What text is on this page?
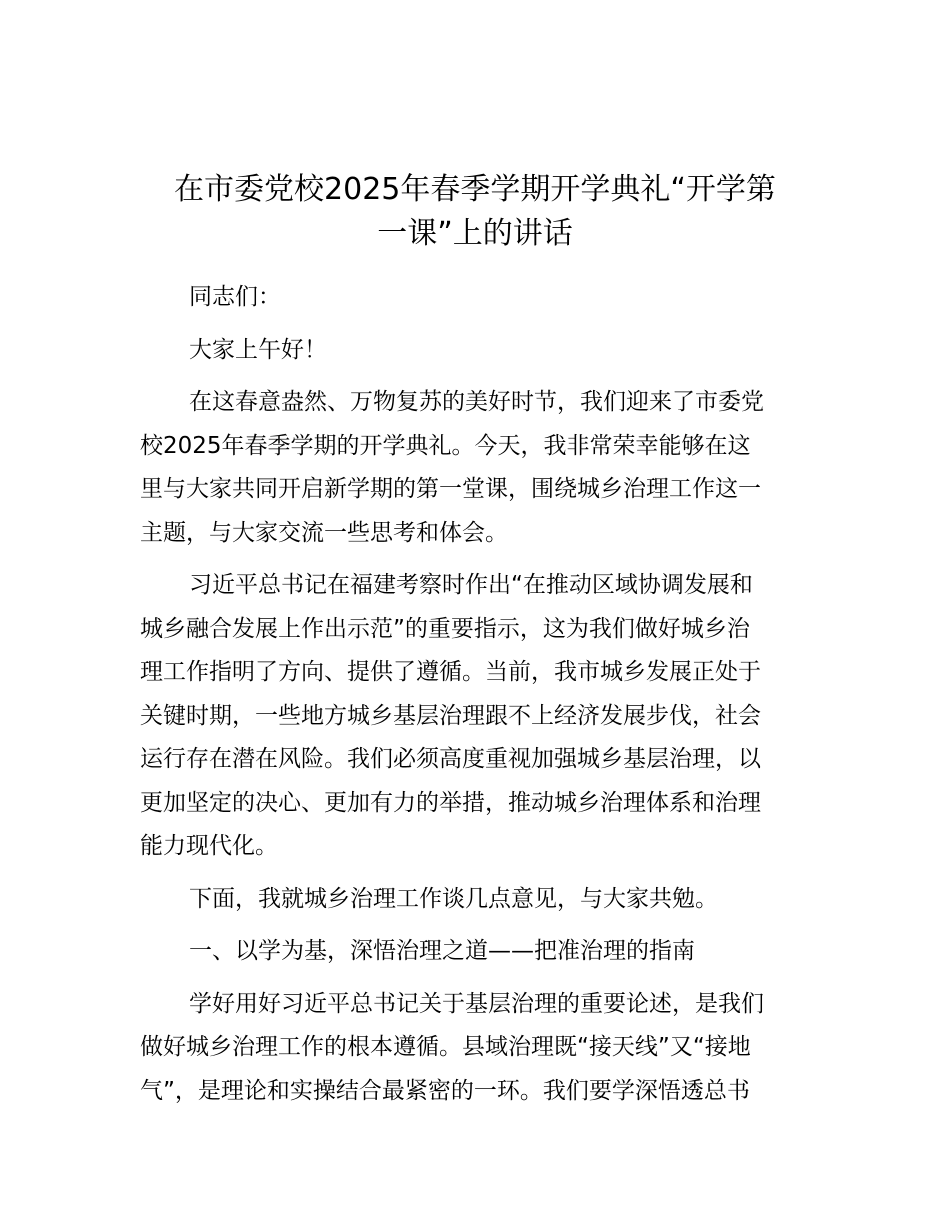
在市委党校2025年春季学期开学典礼“开学第
一课”上的讲话

同志们：

大家上午好！

在这春意盎然、万物复苏的美好时节，我们迎来了市委党
校2025年春季学期的开学典礼。今天，我非常荣幸能够在这
里与大家共同开启新学期的第一堂课，围绕城乡治理工作这一
主题，与大家交流一些思考和体会。

习近平总书记在福建考察时作出“在推动区域协调发展和
城乡融合发展上作出示范”的重要指示，这为我们做好城乡治
理工作指明了方向、提供了遵循。当前，我市城乡发展正处于
关键时期，一些地方城乡基层治理跟不上经济发展步伐，社会
运行存在潜在风险。我们必须高度重视加强城乡基层治理，以
更加坚定的决心、更加有力的举措，推动城乡治理体系和治理
能力现代化。

下面，我就城乡治理工作谈几点意见，与大家共勉。

一、以学为基，深悟治理之道——把准治理的指南

学好用好习近平总书记关于基层治理的重要论述，是我们
做好城乡治理工作的根本遵循。县域治理既“接天线”又“接地
气”，是理论和实操结合最紧密的一环。我们要学深悟透总书
